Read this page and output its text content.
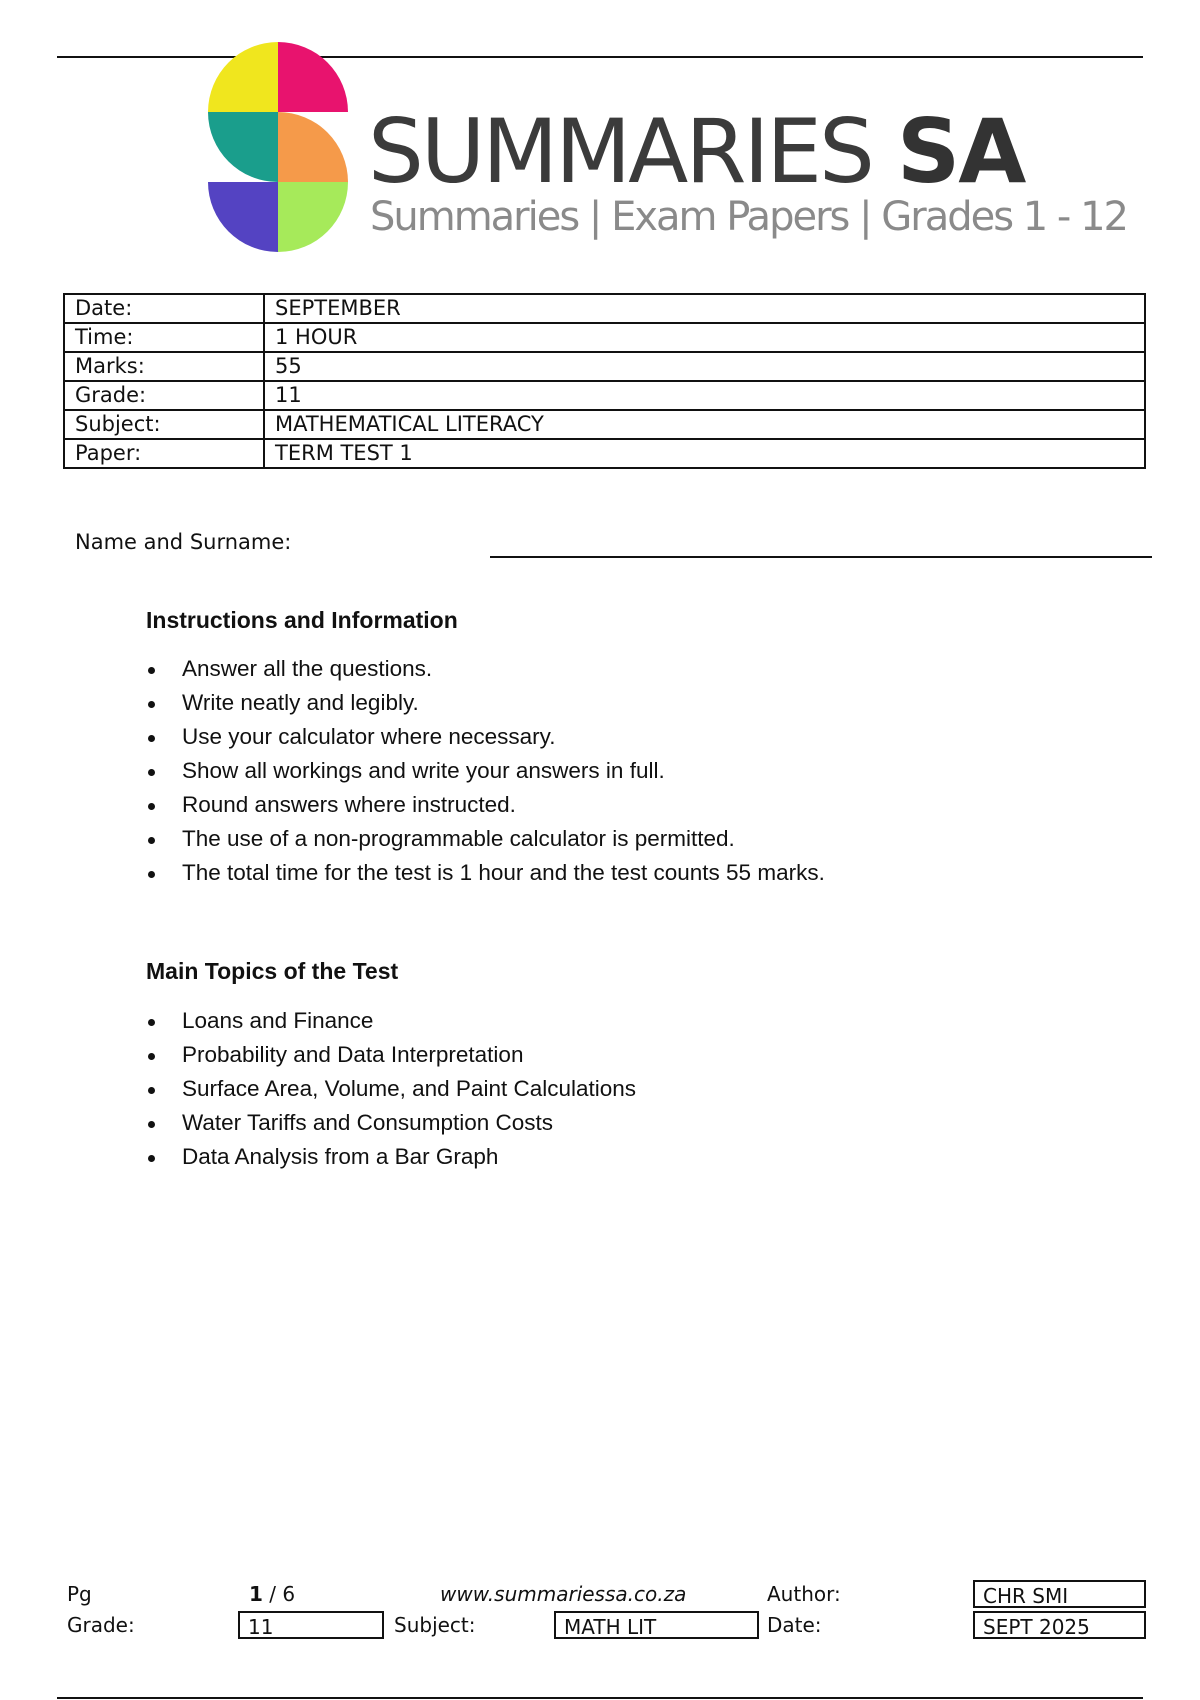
SUMMARIES SA
Summaries | Exam Papers | Grades 1 - 12
Date:	SEPTEMBER
Time:	1 HOUR
Marks:	55
Grade:	11
Subject:	MATHEMATICAL LITERACY
Paper:	TERM TEST 1
Name and Surname:
Instructions and Information
Answer all the questions.
Write neatly and legibly.
Use your calculator where necessary.
Show all workings and write your answers in full.
Round answers where instructed.
The use of a non-programmable calculator is permitted.
The total time for the test is 1 hour and the test counts 55 marks.
Main Topics of the Test
Loans and Finance
Probability and Data Interpretation
Surface Area, Volume, and Paint Calculations
Water Tariffs and Consumption Costs
Data Analysis from a Bar Graph
Pg	1 / 6	www.summariessa.co.za	Author:	CHR SMI
Grade:	11	Subject:	MATH LIT	Date:	SEPT 2025
